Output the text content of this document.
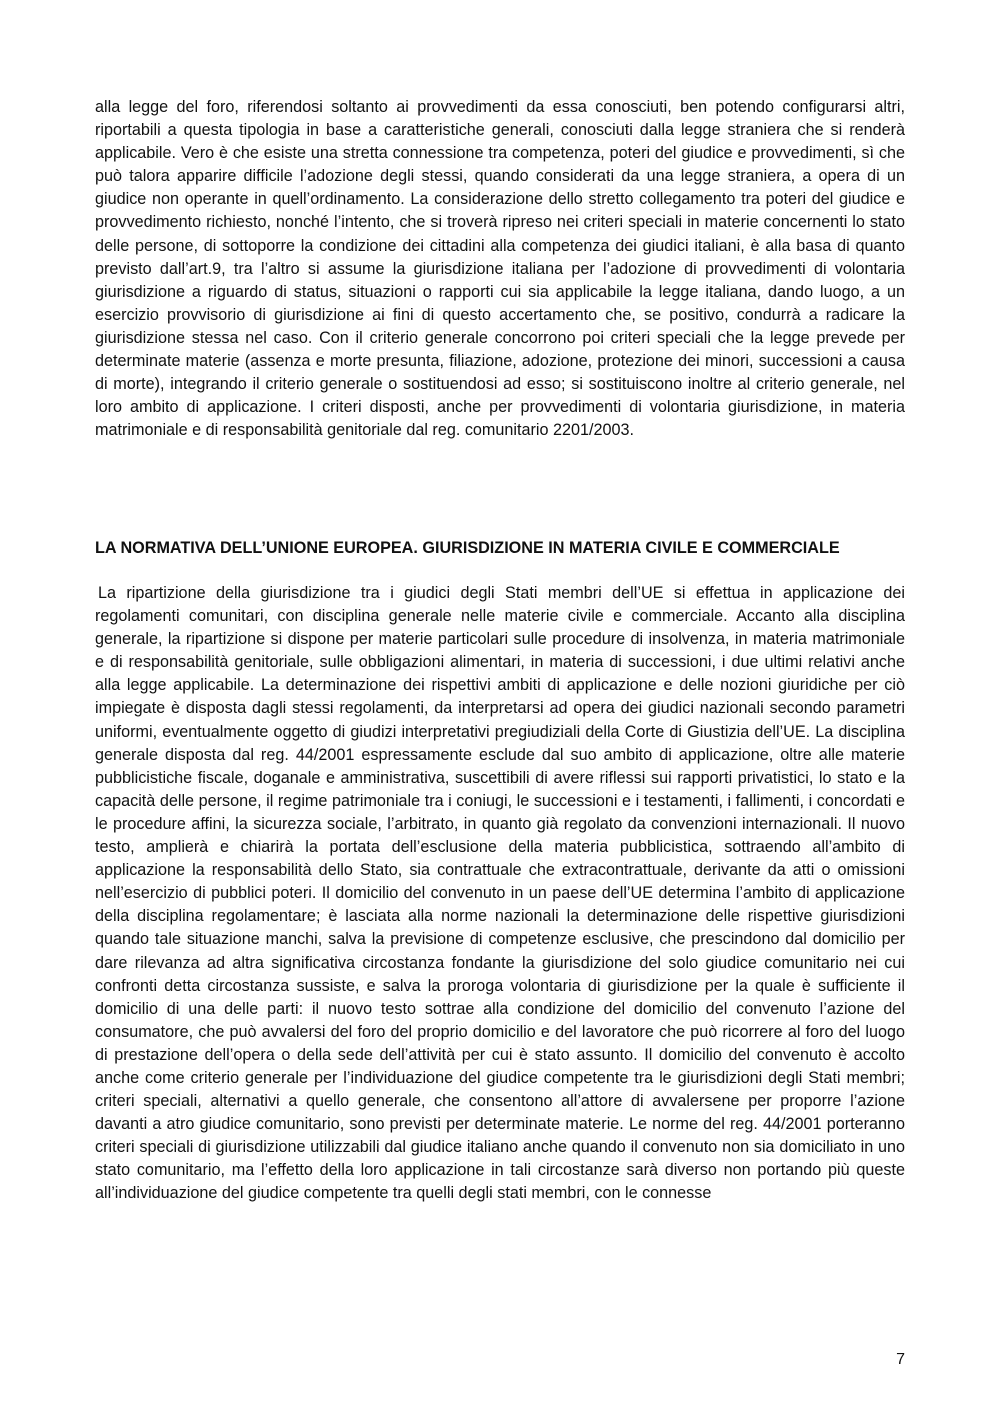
alla legge del foro, riferendosi soltanto ai provvedimenti da essa conosciuti, ben potendo configurarsi altri, riportabili a questa tipologia in base a caratteristiche generali, conosciuti dalla legge straniera che si renderà applicabile. Vero è che esiste una stretta connessione tra competenza, poteri del giudice e provvedimenti, sì che può talora apparire difficile l’adozione degli stessi, quando considerati da una legge straniera, a opera di un giudice non operante in quell’ordinamento. La considerazione dello stretto collegamento tra poteri del giudice e provvedimento richiesto, nonché l’intento, che si troverà ripreso nei criteri speciali in materie concernenti lo stato delle persone, di sottoporre la condizione dei cittadini alla competenza dei giudici italiani, è alla basa di quanto previsto dall’art.9, tra l’altro si assume la giurisdizione italiana per l’adozione di provvedimenti di volontaria giurisdizione a riguardo di status, situazioni o rapporti cui sia applicabile la legge italiana, dando luogo, a un esercizio provvisorio di giurisdizione ai fini di questo accertamento che, se positivo, condurrà a radicare la giurisdizione stessa nel caso. Con il criterio generale concorrono poi criteri speciali che la legge prevede per determinate materie (assenza e morte presunta, filiazione, adozione, protezione dei minori, successioni a causa di morte), integrando il criterio generale o sostituendosi ad esso; si sostituiscono inoltre al criterio generale, nel loro ambito di applicazione. I criteri disposti, anche per provvedimenti di volontaria giurisdizione, in materia matrimoniale e di responsabilità genitoriale dal reg. comunitario 2201/2003.
LA NORMATIVA DELL’UNIONE EUROPEA. GIURISDIZIONE IN MATERIA CIVILE E COMMERCIALE
La ripartizione della giurisdizione tra i giudici degli Stati membri dell’UE si effettua in applicazione dei regolamenti comunitari, con disciplina generale nelle materie civile e commerciale. Accanto alla disciplina generale, la ripartizione si dispone per materie particolari sulle procedure di insolvenza, in materia matrimoniale e di responsabilità genitoriale, sulle obbligazioni alimentari, in materia di successioni, i due ultimi relativi anche alla legge applicabile. La determinazione dei rispettivi ambiti di applicazione e delle nozioni giuridiche per ciò impiegate è disposta dagli stessi regolamenti, da interpretarsi ad opera dei giudici nazionali secondo parametri uniformi, eventualmente oggetto di giudizi interpretativi pregiudiziali della Corte di Giustizia dell’UE. La disciplina generale disposta dal reg. 44/2001 espressamente esclude dal suo ambito di applicazione, oltre alle materie pubblicistiche fiscale, doganale e amministrativa, suscettibili di avere riflessi sui rapporti privatistici, lo stato e la capacità delle persone, il regime patrimoniale tra i coniugi, le successioni e i testamenti, i fallimenti, i concordati e le procedure affini, la sicurezza sociale, l’arbitrato, in quanto già regolato da convenzioni internazionali. Il nuovo testo, amplierà e chiarirà la portata dell’esclusione della materia pubblicistica, sottraendo all’ambito di applicazione la responsabilità dello Stato, sia contrattuale che extracontrattuale, derivante da atti o omissioni nell’esercizio di pubblici poteri. Il domicilio del convenuto in un paese dell’UE determina l’ambito di applicazione della disciplina regolamentare; è lasciata alla norme nazionali la determinazione delle rispettive giurisdizioni quando tale situazione manchi, salva la previsione di competenze esclusive, che prescindono dal domicilio per dare rilevanza ad altra significativa circostanza fondante la giurisdizione del solo giudice comunitario nei cui confronti detta circostanza sussiste, e salva la proroga volontaria di giurisdizione per la quale è sufficiente il domicilio di una delle parti: il nuovo testo sottrae alla condizione del domicilio del convenuto l’azione del consumatore, che può avvalersi del foro del proprio domicilio e del lavoratore che può ricorrere al foro del luogo di prestazione dell’opera o della sede dell’attività per cui è stato assunto. Il domicilio del convenuto è accolto anche come criterio generale per l’individuazione del giudice competente tra le giurisdizioni degli Stati membri; criteri speciali, alternativi a quello generale, che consentono all’attore di avvalersene per proporre l’azione davanti a atro giudice comunitario, sono previsti per determinate materie. Le norme del reg. 44/2001 porteranno criteri speciali di giurisdizione utilizzabili dal giudice italiano anche quando il convenuto non sia domiciliato in uno stato comunitario, ma l’effetto della loro applicazione in tali circostanze sarà diverso non portando più queste all’individuazione del giudice competente tra quelli degli stati membri, con le connesse
7
